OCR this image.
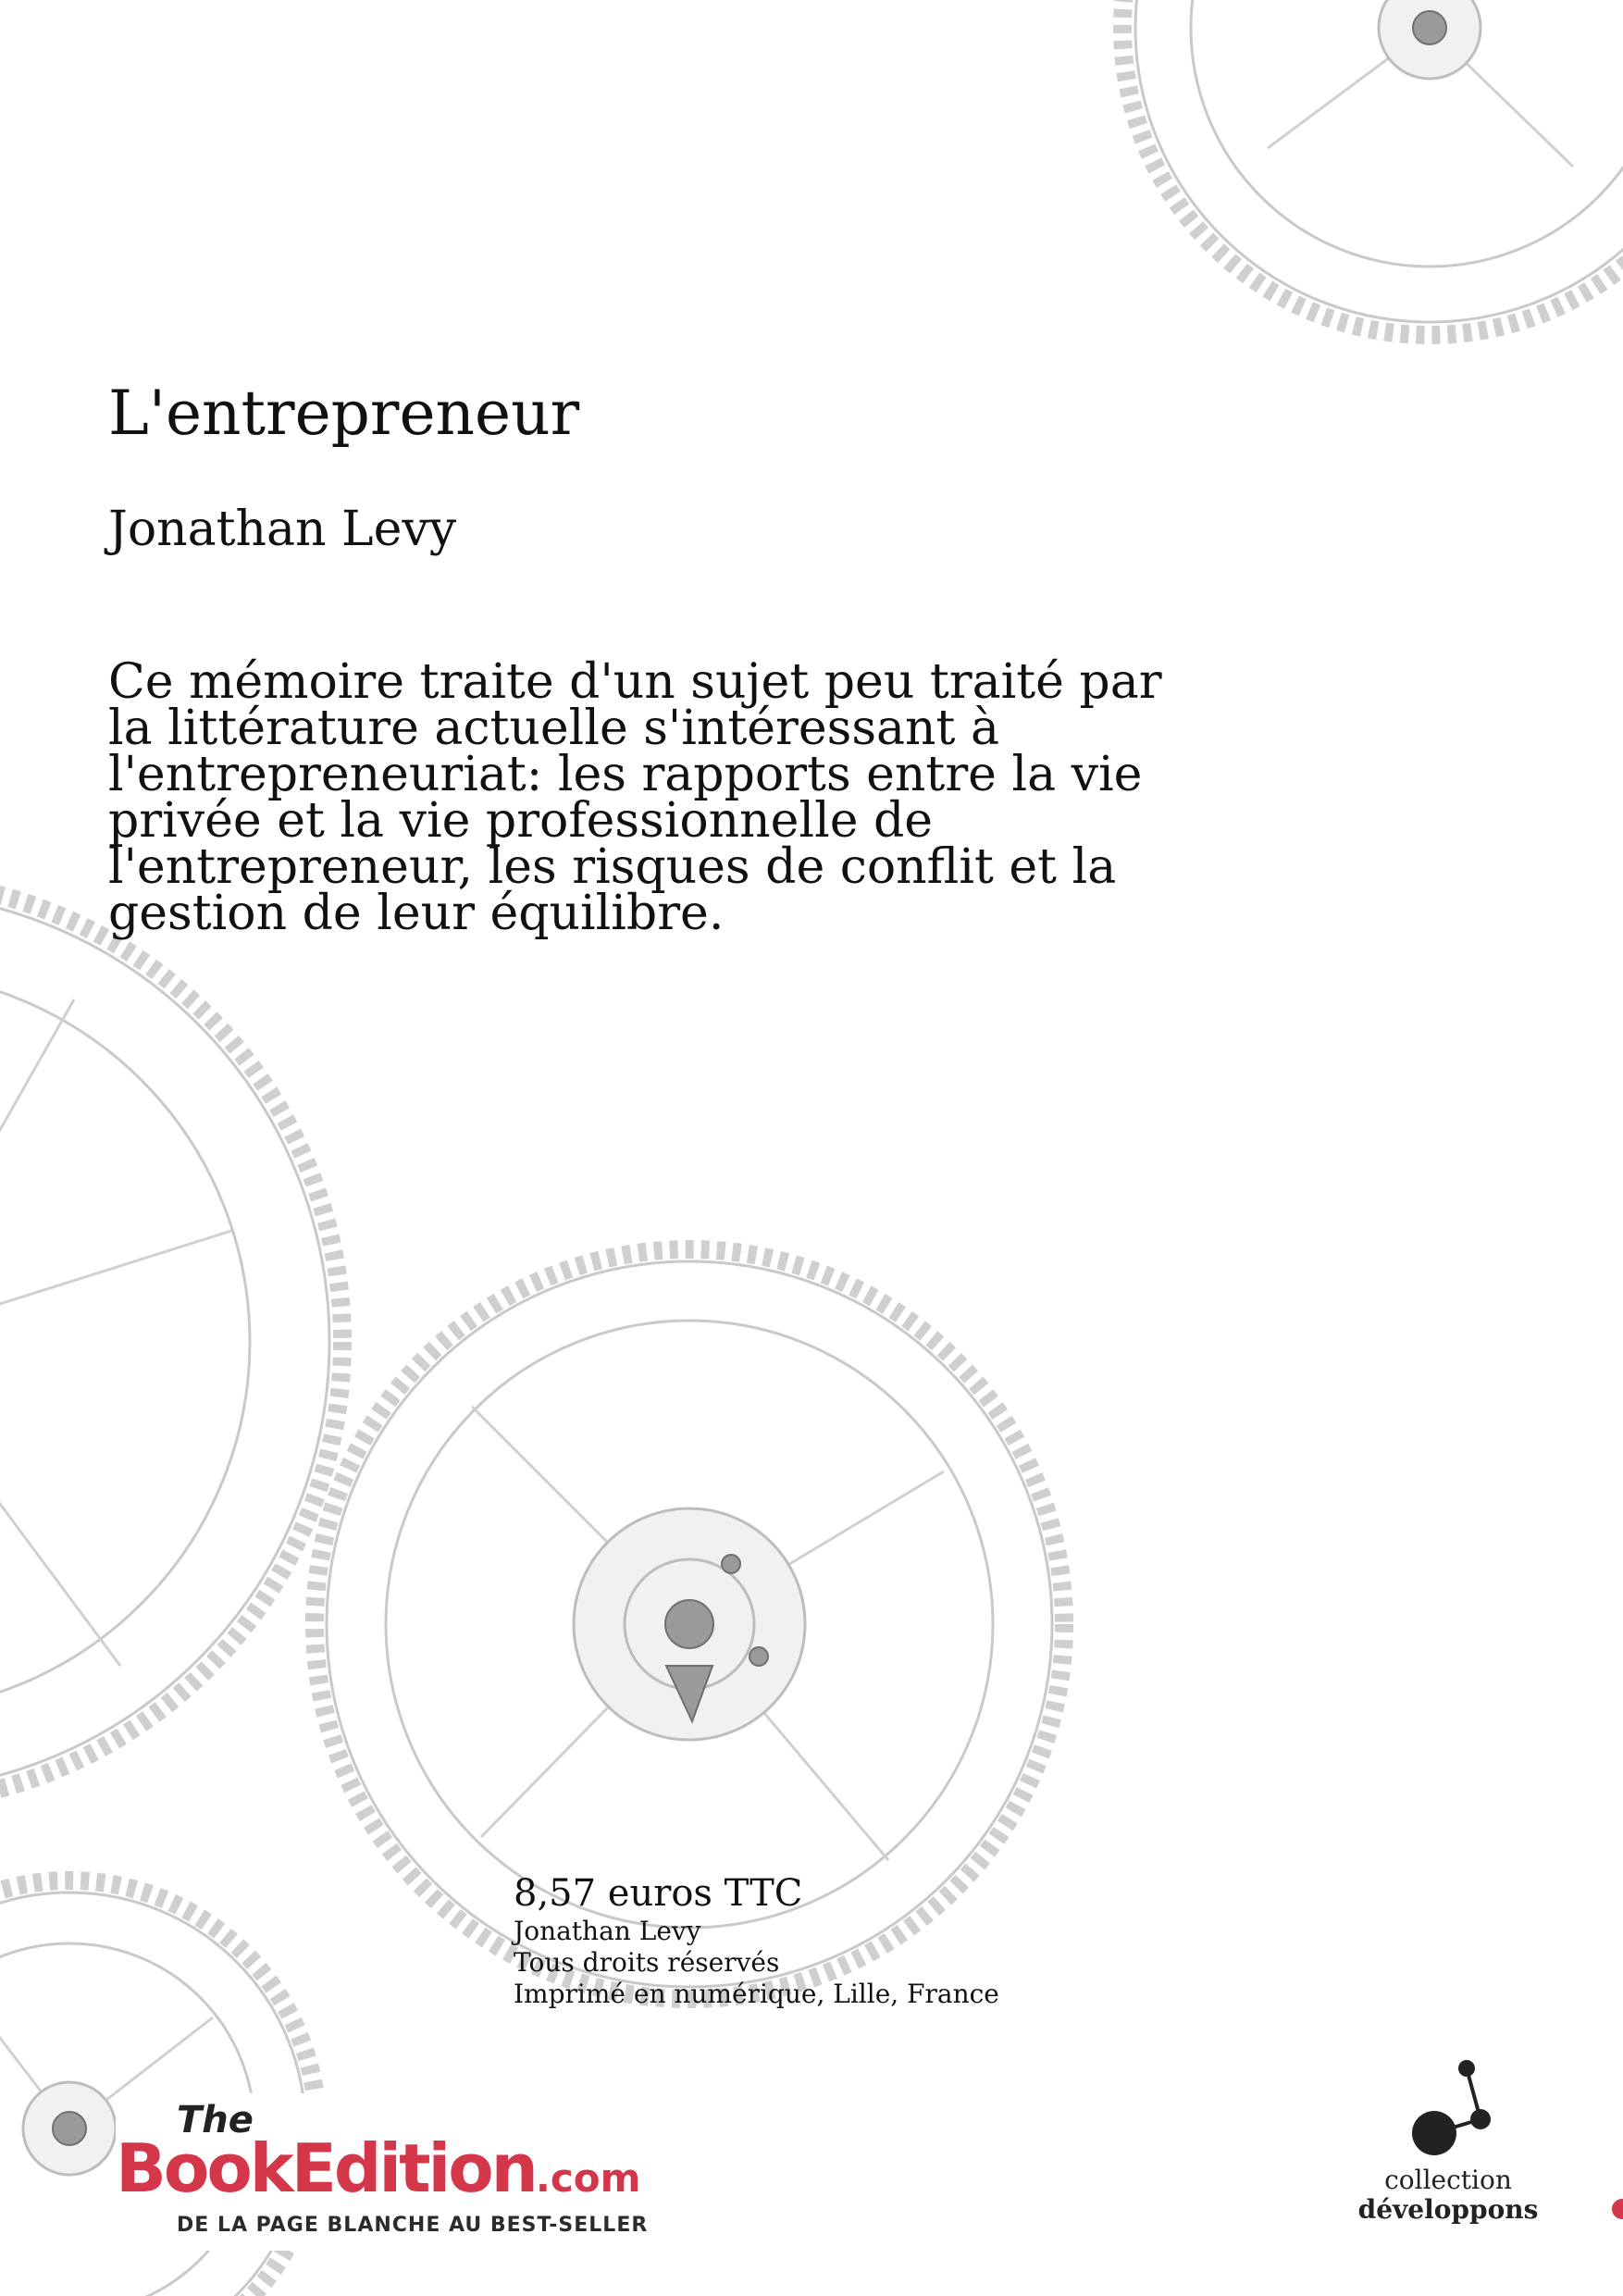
L'entrepreneur
Jonathan Levy
Ce mémoire traite d'un sujet peu traité par la littérature actuelle s'intéressant à l'entrepreneuriat: les rapports entre la vie privée et la vie professionnelle de l'entrepreneur, les risques de conflit et la gestion de leur équilibre.
8,57 euros TTC
Jonathan Levy
Tous droits réservés
Imprimé en numérique, Lille, France
The
BookEdition.com
DE LA PAGE BLANCHE AU BEST-SELLER
collection
développons
